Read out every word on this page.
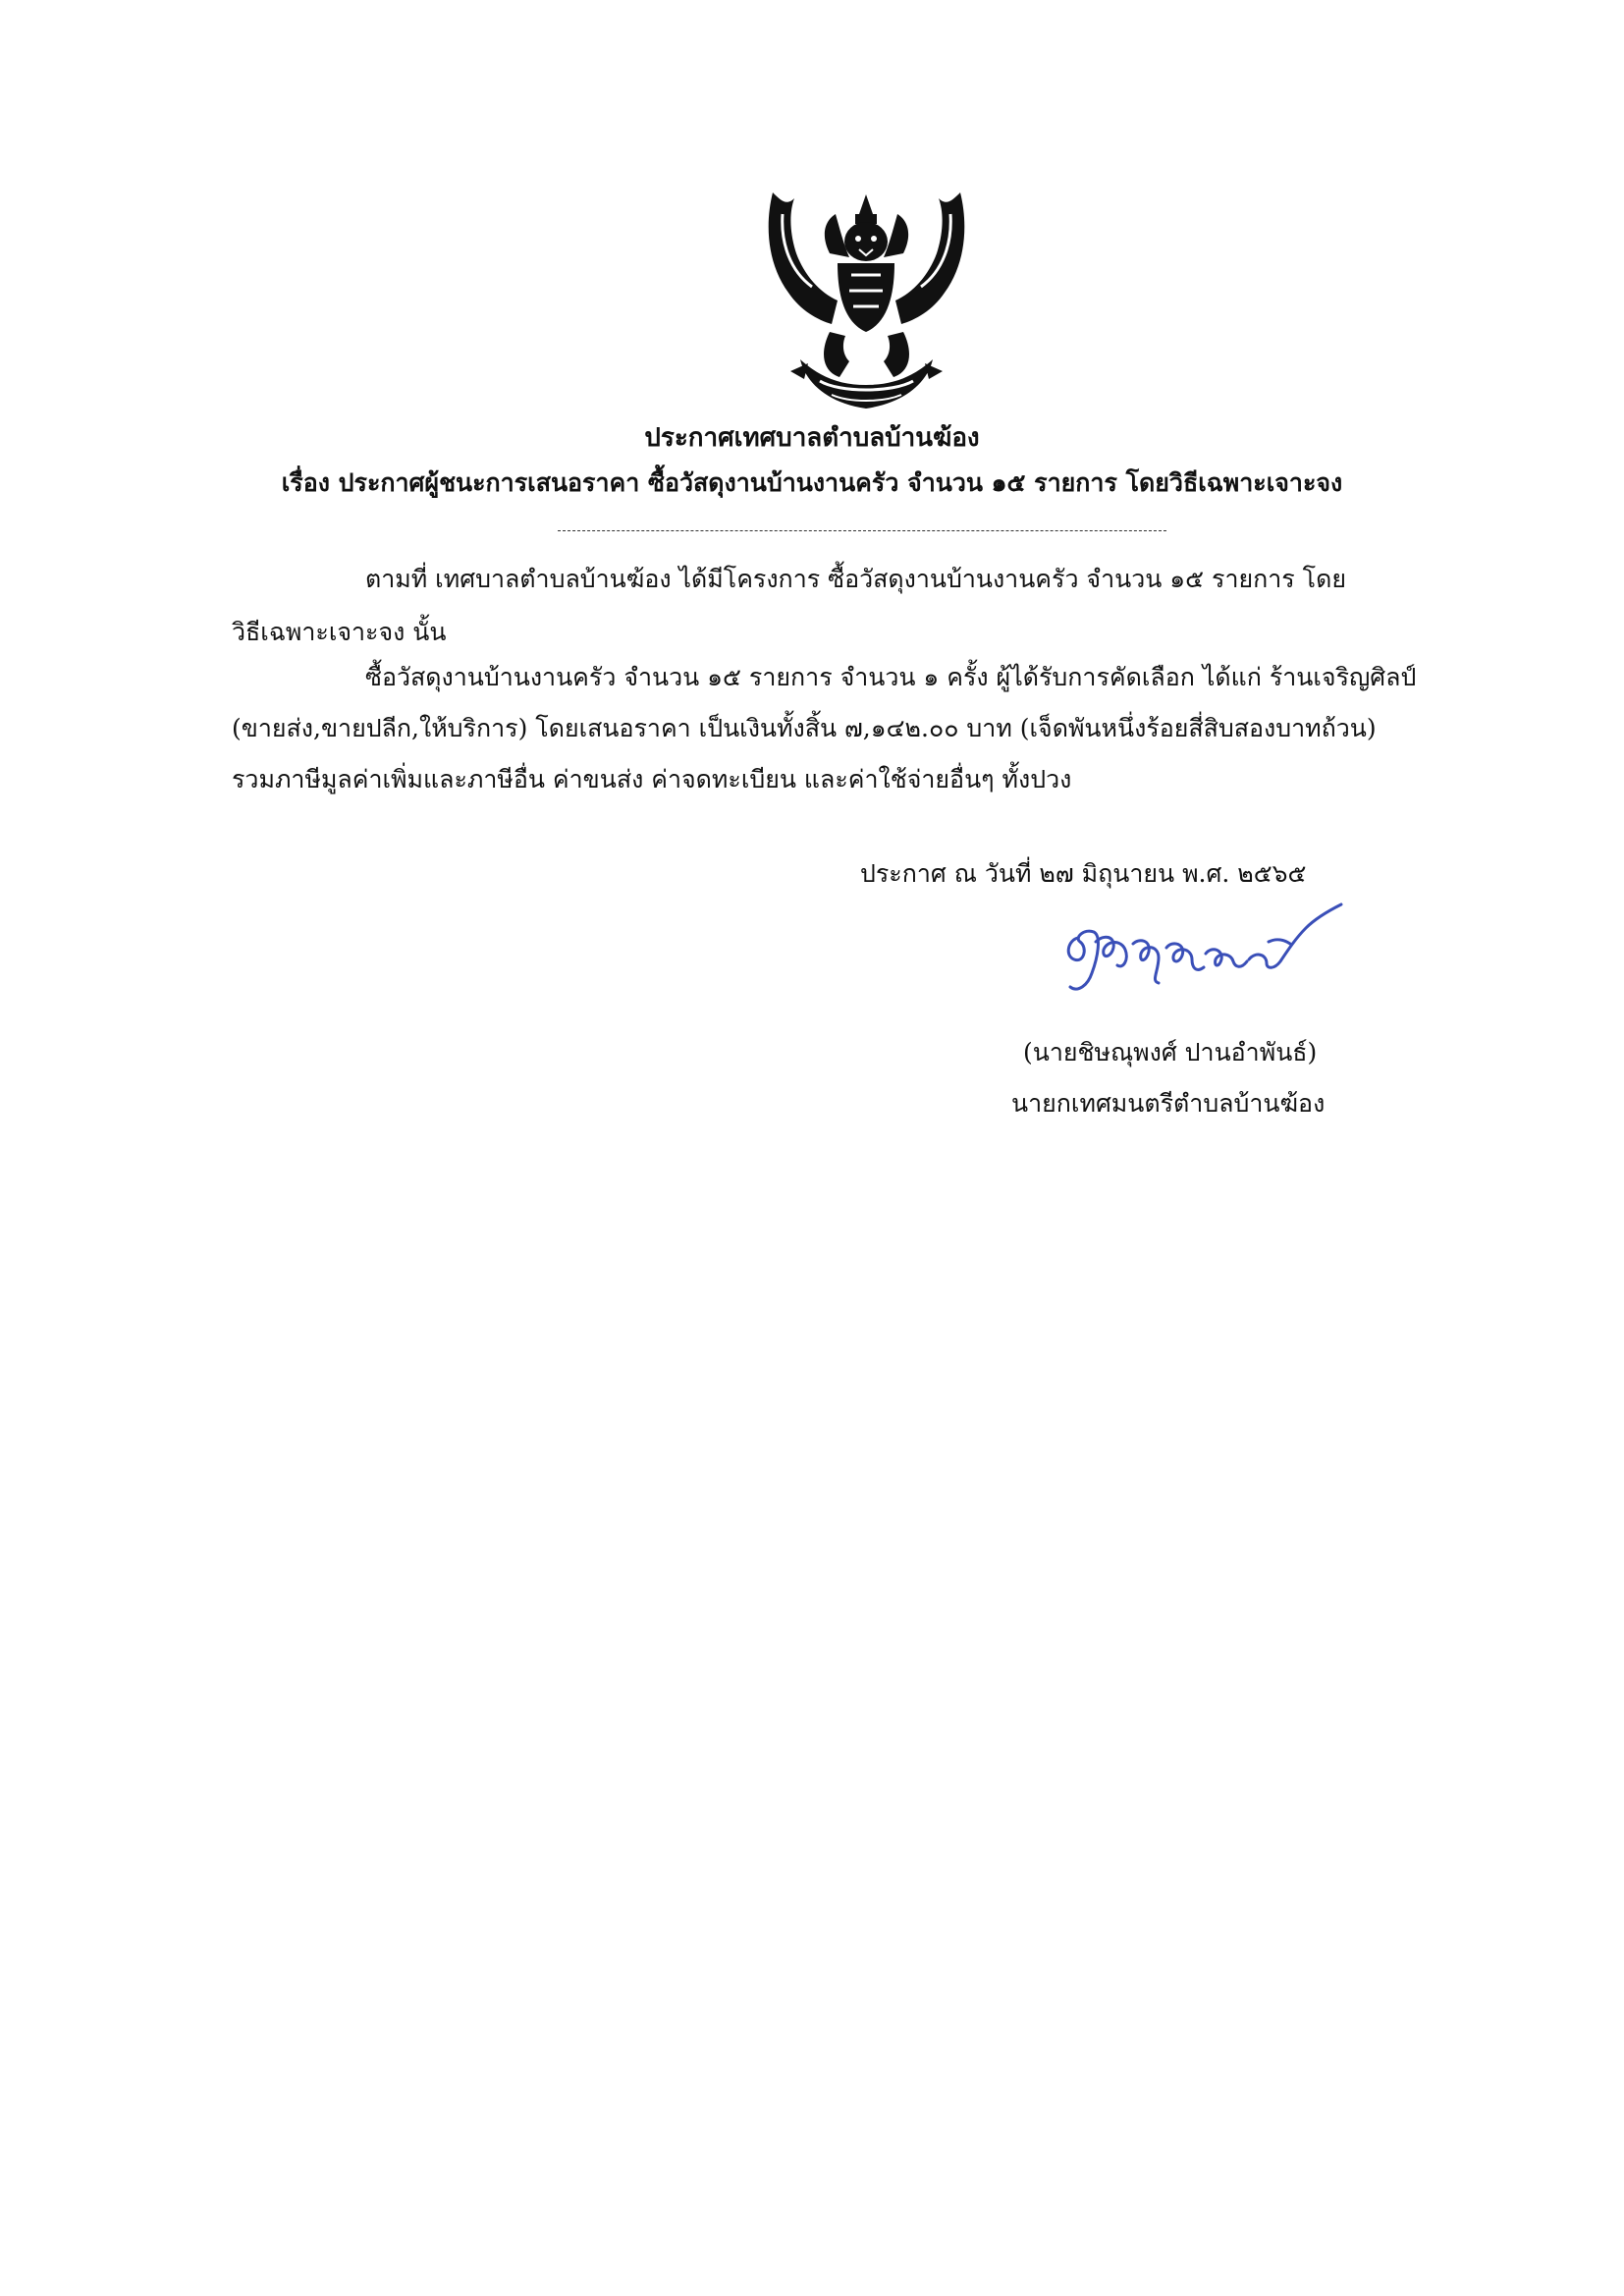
ประกาศเทศบาลตำบลบ้านฆ้อง
เรื่อง ประกาศผู้ชนะการเสนอราคา ซื้อวัสดุงานบ้านงานครัว จำนวน ๑๕ รายการ โดยวิธีเฉพาะเจาะจง
ตามที่ เทศบาลตำบลบ้านฆ้อง ได้มีโครงการ ซื้อวัสดุงานบ้านงานครัว จำนวน ๑๕ รายการ โดย
วิธีเฉพาะเจาะจง นั้น
ซื้อวัสดุงานบ้านงานครัว จำนวน ๑๕ รายการ จำนวน ๑ ครั้ง ผู้ได้รับการคัดเลือก ได้แก่ ร้านเจริญศิลป์
(ขายส่ง,ขายปลีก,ให้บริการ) โดยเสนอราคา เป็นเงินทั้งสิ้น ๗,๑๔๒.๐๐ บาท (เจ็ดพันหนึ่งร้อยสี่สิบสองบาทถ้วน)
รวมภาษีมูลค่าเพิ่มและภาษีอื่น ค่าขนส่ง ค่าจดทะเบียน และค่าใช้จ่ายอื่นๆ ทั้งปวง
ประกาศ ณ วันที่ ๒๗ มิถุนายน พ.ศ. ๒๕๖๕
(นายชิษณุพงศ์ ปานอำพันธ์)
นายกเทศมนตรีตำบลบ้านฆ้อง
